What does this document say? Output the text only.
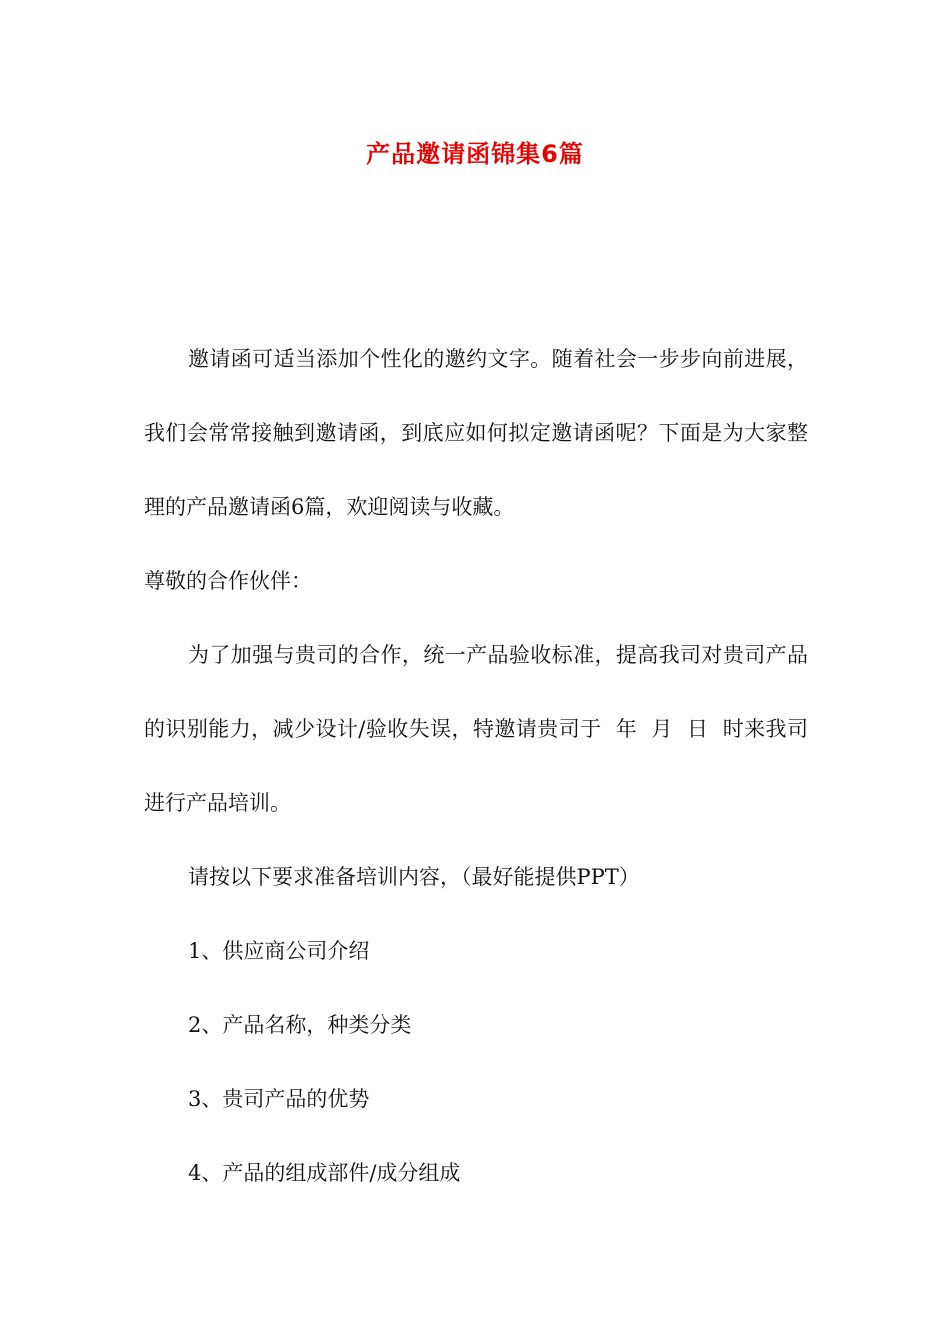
产品邀请函锦集6篇

邀请函可适当添加个性化的邀约文字。随着社会一步步向前进展，我们会常常接触到邀请函，到底应如何拟定邀请函呢？下面是为大家整理的产品邀请函6篇，欢迎阅读与收藏。

尊敬的合作伙伴：

为了加强与贵司的合作，统一产品验收标准，提高我司对贵司产品的识别能力，减少设计/验收失误，特邀请贵司于  年  月  日  时来我司进行产品培训。

请按以下要求准备培训内容，（最好能提供PPT）

1、供应商公司介绍

2、产品名称，种类分类

3、贵司产品的优势

4、产品的组成部件/成分组成
